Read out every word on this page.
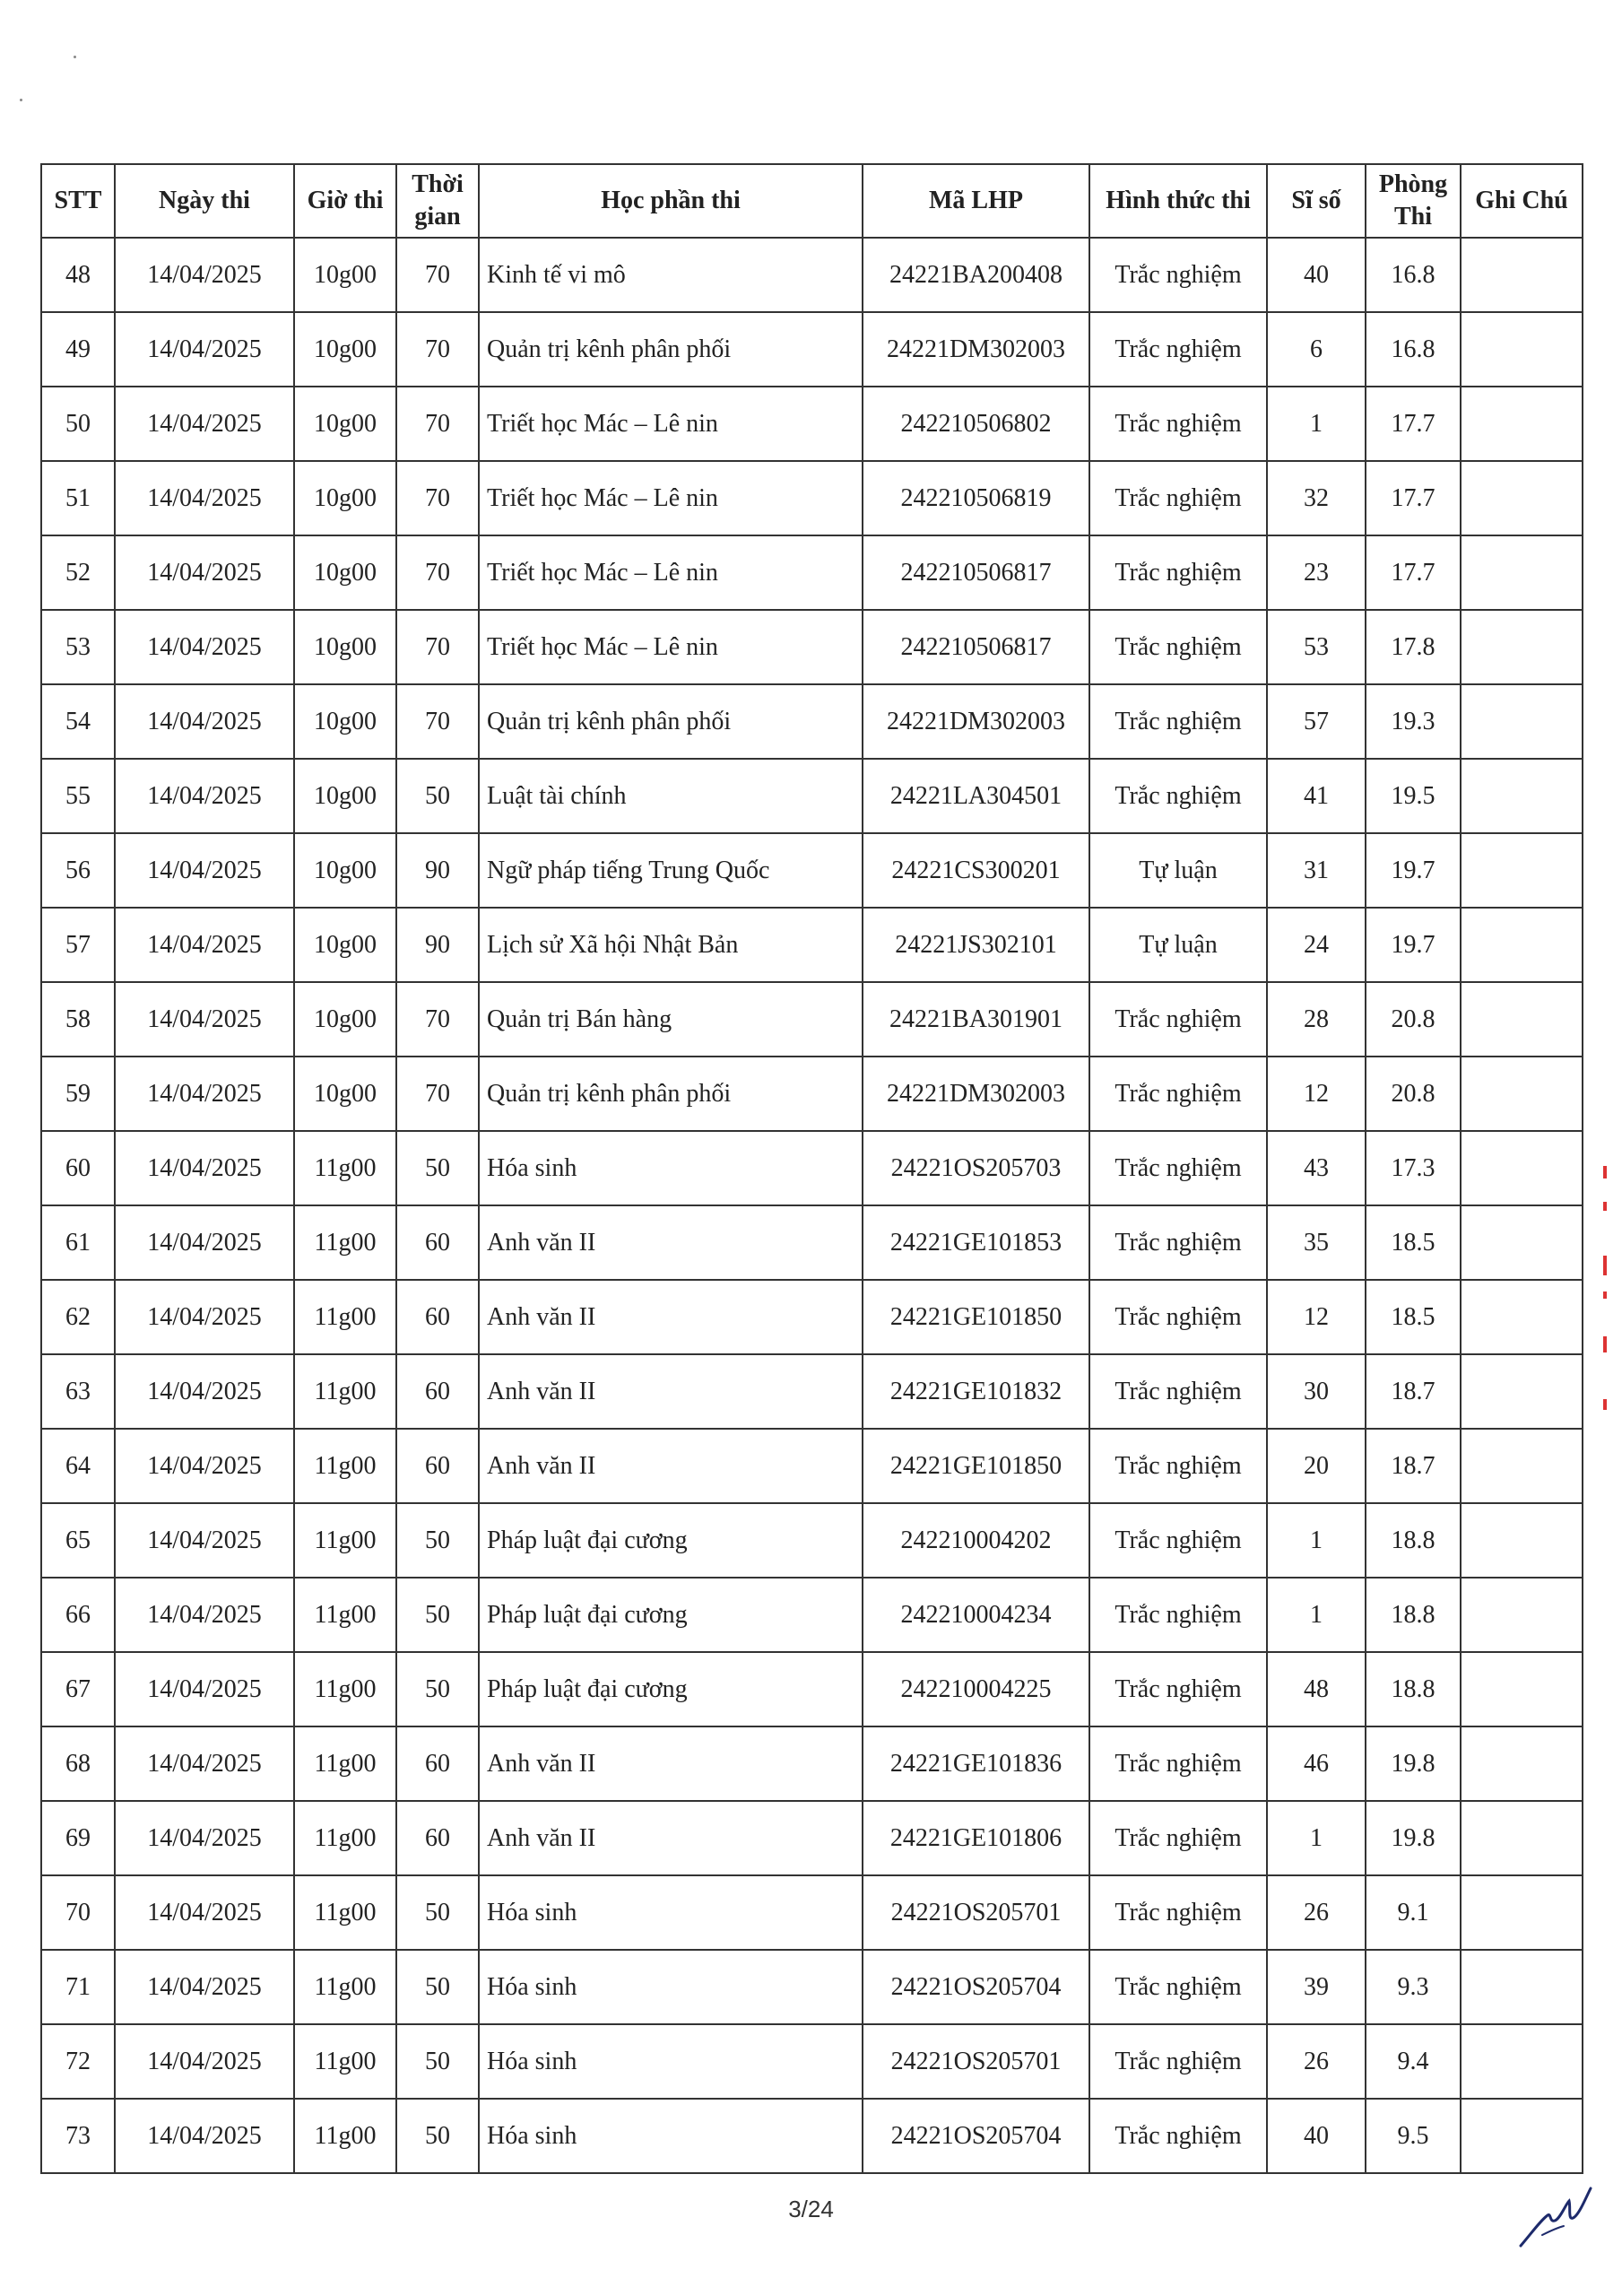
STT	Ngày thi	Giờ thi	Thời gian	Học phần thi	Mã LHP	Hình thức thi	Sĩ số	Phòng Thi	Ghi Chú
48	14/04/2025	10g00	70	Kinh tế vi mô	24221BA200408	Trắc nghiệm	40	16.8	
49	14/04/2025	10g00	70	Quản trị kênh phân phối	24221DM302003	Trắc nghiệm	6	16.8	
50	14/04/2025	10g00	70	Triết học Mác – Lê nin	242210506802	Trắc nghiệm	1	17.7	
51	14/04/2025	10g00	70	Triết học Mác – Lê nin	242210506819	Trắc nghiệm	32	17.7	
52	14/04/2025	10g00	70	Triết học Mác – Lê nin	242210506817	Trắc nghiệm	23	17.7	
53	14/04/2025	10g00	70	Triết học Mác – Lê nin	242210506817	Trắc nghiệm	53	17.8	
54	14/04/2025	10g00	70	Quản trị kênh phân phối	24221DM302003	Trắc nghiệm	57	19.3	
55	14/04/2025	10g00	50	Luật tài chính	24221LA304501	Trắc nghiệm	41	19.5	
56	14/04/2025	10g00	90	Ngữ pháp tiếng Trung Quốc	24221CS300201	Tự luận	31	19.7	
57	14/04/2025	10g00	90	Lịch sử Xã hội Nhật Bản	24221JS302101	Tự luận	24	19.7	
58	14/04/2025	10g00	70	Quản trị Bán hàng	24221BA301901	Trắc nghiệm	28	20.8	
59	14/04/2025	10g00	70	Quản trị kênh phân phối	24221DM302003	Trắc nghiệm	12	20.8	
60	14/04/2025	11g00	50	Hóa sinh	24221OS205703	Trắc nghiệm	43	17.3	
61	14/04/2025	11g00	60	Anh văn II	24221GE101853	Trắc nghiệm	35	18.5	
62	14/04/2025	11g00	60	Anh văn II	24221GE101850	Trắc nghiệm	12	18.5	
63	14/04/2025	11g00	60	Anh văn II	24221GE101832	Trắc nghiệm	30	18.7	
64	14/04/2025	11g00	60	Anh văn II	24221GE101850	Trắc nghiệm	20	18.7	
65	14/04/2025	11g00	50	Pháp luật đại cương	242210004202	Trắc nghiệm	1	18.8	
66	14/04/2025	11g00	50	Pháp luật đại cương	242210004234	Trắc nghiệm	1	18.8	
67	14/04/2025	11g00	50	Pháp luật đại cương	242210004225	Trắc nghiệm	48	18.8	
68	14/04/2025	11g00	60	Anh văn II	24221GE101836	Trắc nghiệm	46	19.8	
69	14/04/2025	11g00	60	Anh văn II	24221GE101806	Trắc nghiệm	1	19.8	
70	14/04/2025	11g00	50	Hóa sinh	24221OS205701	Trắc nghiệm	26	9.1	
71	14/04/2025	11g00	50	Hóa sinh	24221OS205704	Trắc nghiệm	39	9.3	
72	14/04/2025	11g00	50	Hóa sinh	24221OS205701	Trắc nghiệm	26	9.4	
73	14/04/2025	11g00	50	Hóa sinh	24221OS205704	Trắc nghiệm	40	9.5	
3/24
